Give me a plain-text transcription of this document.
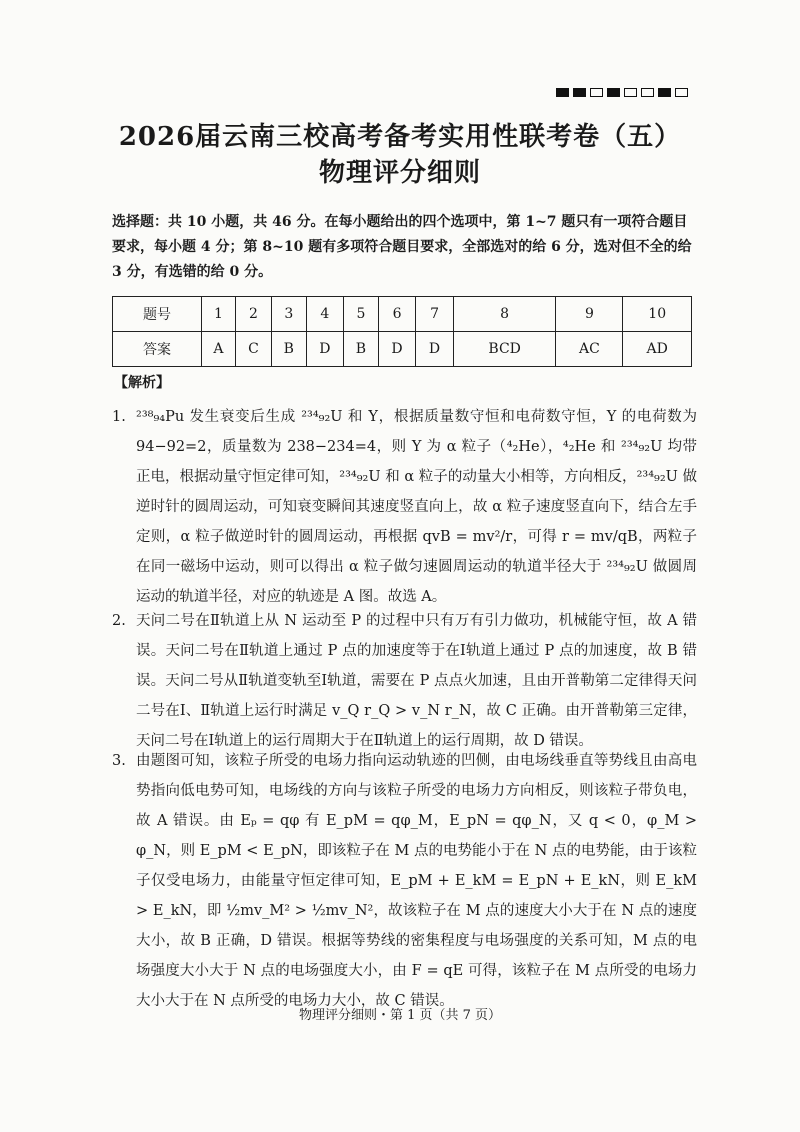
2026届云南三校高考备考实用性联考卷（五）
物理评分细则
选择题：共 10 小题，共 46 分。在每小题给出的四个选项中，第 1~7 题只有一项符合题目要求，每小题 4 分；第 8~10 题有多项符合题目要求，全部选对的给 6 分，选对但不全的给 3 分，有选错的给 0 分。
题号	1	2	3	4	5	6	7	8	9	10
答案	A	C	B	D	B	D	D	BCD	AC	AD
【解析】
1. ²³⁸₉₄Pu 发生衰变后生成 ²³⁴₉₂U 和 Y，根据质量数守恒和电荷数守恒，Y 的电荷数为 94−92=2，质量数为 238−234=4，则 Y 为 α 粒子（⁴₂He），⁴₂He 和 ²³⁴₉₂U 均带正电，根据动量守恒定律可知，²³⁴₉₂U 和 α 粒子的动量大小相等，方向相反，²³⁴₉₂U 做逆时针的圆周运动，可知衰变瞬间其速度竖直向上，故 α 粒子速度竖直向下，结合左手定则，α 粒子做逆时针的圆周运动，再根据 qvB = mv²/r，可得 r = mv/qB，两粒子在同一磁场中运动，则可以得出 α 粒子做匀速圆周运动的轨道半径大于 ²³⁴₉₂U 做圆周运动的轨道半径，对应的轨迹是 A 图。故选 A。
2. 天问二号在Ⅱ轨道上从 N 运动至 P 的过程中只有万有引力做功，机械能守恒，故 A 错误。天问二号在Ⅱ轨道上通过 P 点的加速度等于在Ⅰ轨道上通过 P 点的加速度，故 B 错误。天问二号从Ⅱ轨道变轨至Ⅰ轨道，需要在 P 点点火加速，且由开普勒第二定律得天问二号在Ⅰ、Ⅱ轨道上运行时满足 v_Q r_Q > v_N r_N，故 C 正确。由开普勒第三定律，天问二号在Ⅰ轨道上的运行周期大于在Ⅱ轨道上的运行周期，故 D 错误。
3. 由题图可知，该粒子所受的电场力指向运动轨迹的凹侧，由电场线垂直等势线且由高电势指向低电势可知，电场线的方向与该粒子所受的电场力方向相反，则该粒子带负电，故 A 错误。由 Eₚ = qφ 有 E_pM = qφ_M，E_pN = qφ_N，又 q < 0，φ_M > φ_N，则 E_pM < E_pN，即该粒子在 M 点的电势能小于在 N 点的电势能，由于该粒子仅受电场力，由能量守恒定律可知，E_pM + E_kM = E_pN + E_kN，则 E_kM > E_kN，即 ½mv_M² > ½mv_N²，故该粒子在 M 点的速度大小大于在 N 点的速度大小，故 B 正确，D 错误。根据等势线的密集程度与电场强度的关系可知，M 点的电场强度大小大于 N 点的电场强度大小，由 F = qE 可得，该粒子在 M 点所受的电场力大小大于在 N 点所受的电场力大小，故 C 错误。
物理评分细则・第 1 页（共 7 页）
